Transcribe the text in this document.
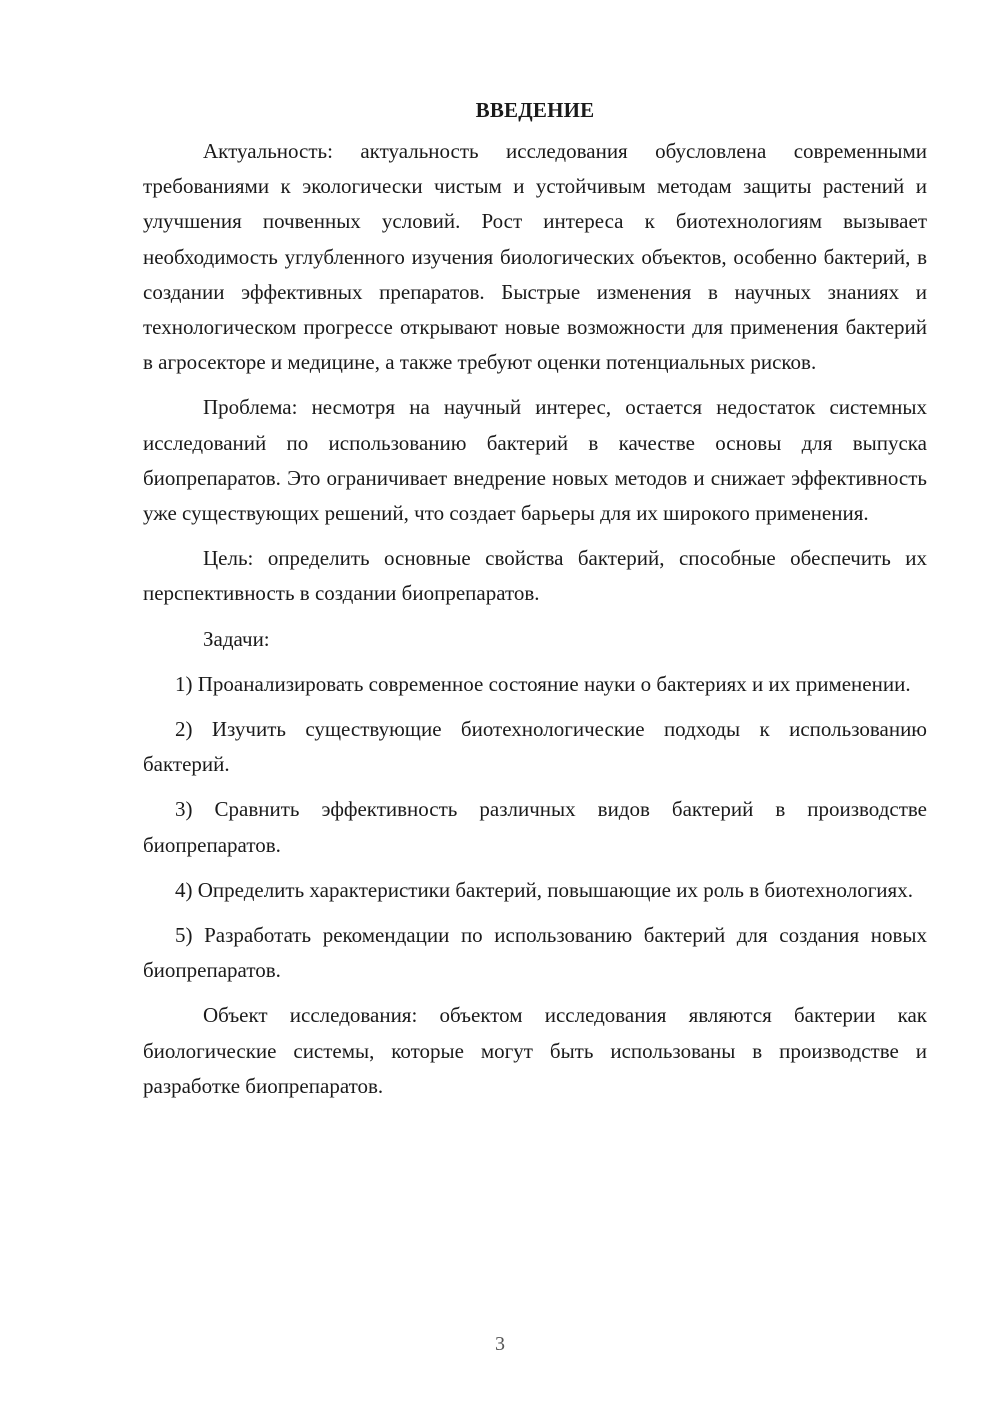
ВВЕДЕНИЕ

Актуальность: актуальность исследования обусловлена современными требованиями к экологически чистым и устойчивым методам защиты растений и улучшения почвенных условий. Рост интереса к биотехнологиям вызывает необходимость углубленного изучения биологических объектов, особенно бактерий, в создании эффективных препаратов. Быстрые изменения в научных знаниях и технологическом прогрессе открывают новые возможности для применения бактерий в агросекторе и медицине, а также требуют оценки потенциальных рисков.

Проблема: несмотря на научный интерес, остается недостаток системных исследований по использованию бактерий в качестве основы для выпуска биопрепаратов. Это ограничивает внедрение новых методов и снижает эффективность уже существующих решений, что создает барьеры для их широкого применения.

Цель: определить основные свойства бактерий, способные обеспечить их перспективность в создании биопрепаратов.

Задачи:

1) Проанализировать современное состояние науки о бактериях и их применении.

2) Изучить существующие биотехнологические подходы к использованию бактерий.

3) Сравнить эффективность различных видов бактерий в производстве биопрепаратов.

4) Определить характеристики бактерий, повышающие их роль в биотехнологиях.

5) Разработать рекомендации по использованию бактерий для создания новых биопрепаратов.

Объект исследования: объектом исследования являются бактерии как биологические системы, которые могут быть использованы в производстве и разработке биопрепаратов.

3
